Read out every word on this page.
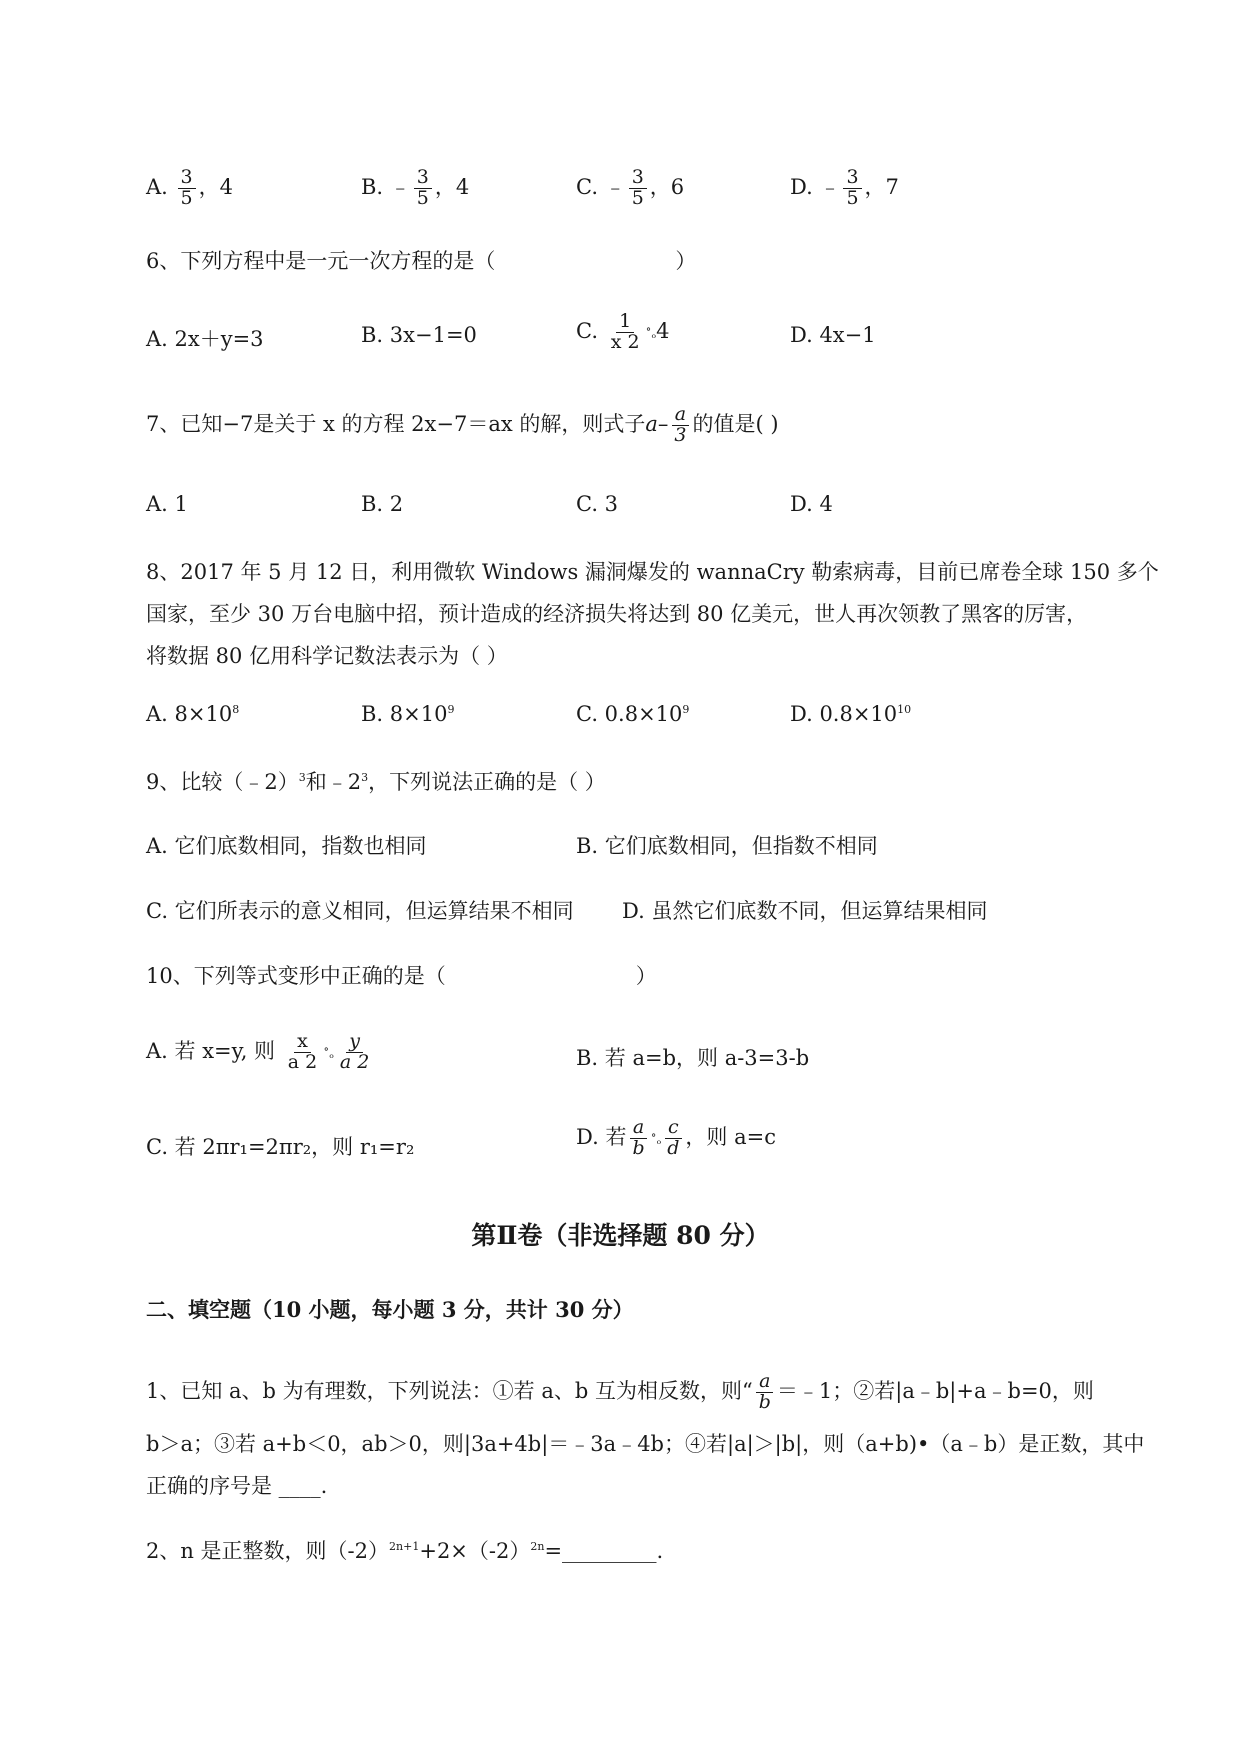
A. $\frac{3}{5}$ ，4	B. ﹣ $\frac{3}{5}$ ，4	C. ﹣ $\frac{3}{5}$ ，6	D. ﹣ $\frac{3}{5}$ ，7
6、下列方程中是一元一次方程的是（	）
A. 2x＋y=3	B. 3x−1=0	C. $\frac{1}{x 2}$ ˚ₒ4	D. 4x−1
7、已知−7是关于 x 的方程 2x−7＝ax 的解，则式子$a- \frac{a}{3}$ 的值是( )
A. 1	B. 2	C. 3	D. 4
8、2017 年 5 月 12 日，利用微软 Windows 漏洞爆发的 wannaCry 勒索病毒，目前已席卷全球 150 多个
国家，至少 30 万台电脑中招，预计造成的经济损失将达到 80 亿美元，世人再次领教了黑客的厉害，
将数据 80 亿用科学记数法表示为（ ）
A. $8\times 10^8$	B. $8\times 10^9$	C. $0.8\times 10^9$	D. $0.8\times 10^{10}$
9、比较（﹣2）$^3$和$﹣2^3$，下列说法正确的是（ ）
A. 它们底数相同，指数也相同	B. 它们底数相同，但指数不相同
C. 它们所表示的意义相同，但运算结果不相同 D. 虽然它们底数不同，但运算结果相同
10、下列等式变形中正确的是（	）
A. 若 x=y, 则 $\frac{x}{a 2}$ ˚ₒ $\frac{y}{a 2}$	B. 若 a=b，则 a-3=3-b
C. 若 2πr₁=2πr₂，则 r₁=r₂	D. 若 $\frac{a}{b}$ ˚ₒ $\frac{c}{d}$ ，则 a=c
第Ⅱ卷（非选择题 80 分）
二、填空题（10 小题，每小题 3 分，共计 30 分）
1、已知 a、b 为有理数，下列说法：①若 a、b 互为相反数，则“ $\frac{a}{b}$ ＝﹣1；②若|a﹣b|+a﹣b=0，则
b＞a；③若 a+b＜0，ab＞0，则|3a+4b|＝﹣3a﹣4b；④若|a|＞|b|，则（a+b)•（a﹣b）是正数，其中
正确的序号是 ____.
2、n 是正整数，则$(-2)^{2n+1}+2\times(-2)^{2n}=\_\_\_\_\_\_\_\_\_$.
